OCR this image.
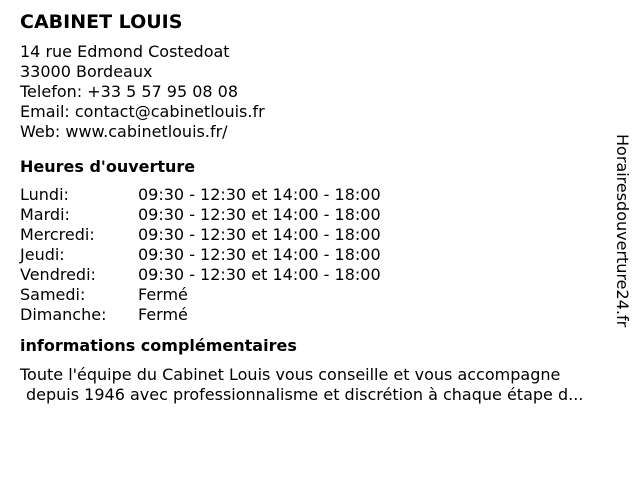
CABINET LOUIS
14 rue Edmond Costedoat
33000 Bordeaux
Telefon: +33 5 57 95 08 08
Email: contact@cabinetlouis.fr
Web: www.cabinetlouis.fr/
Heures d'ouverture
Lundi:	09:30 - 12:30 et 14:00 - 18:00
Mardi:	09:30 - 12:30 et 14:00 - 18:00
Mercredi:	09:30 - 12:30 et 14:00 - 18:00
Jeudi:	09:30 - 12:30 et 14:00 - 18:00
Vendredi:	09:30 - 12:30 et 14:00 - 18:00
Samedi:	Fermé
Dimanche:	Fermé
informations complémentaires
Toute l'équipe du Cabinet Louis vous conseille et vous accompagne
depuis 1946 avec professionnalisme et discrétion à chaque étape d...
Horairesdouverture24.fr
